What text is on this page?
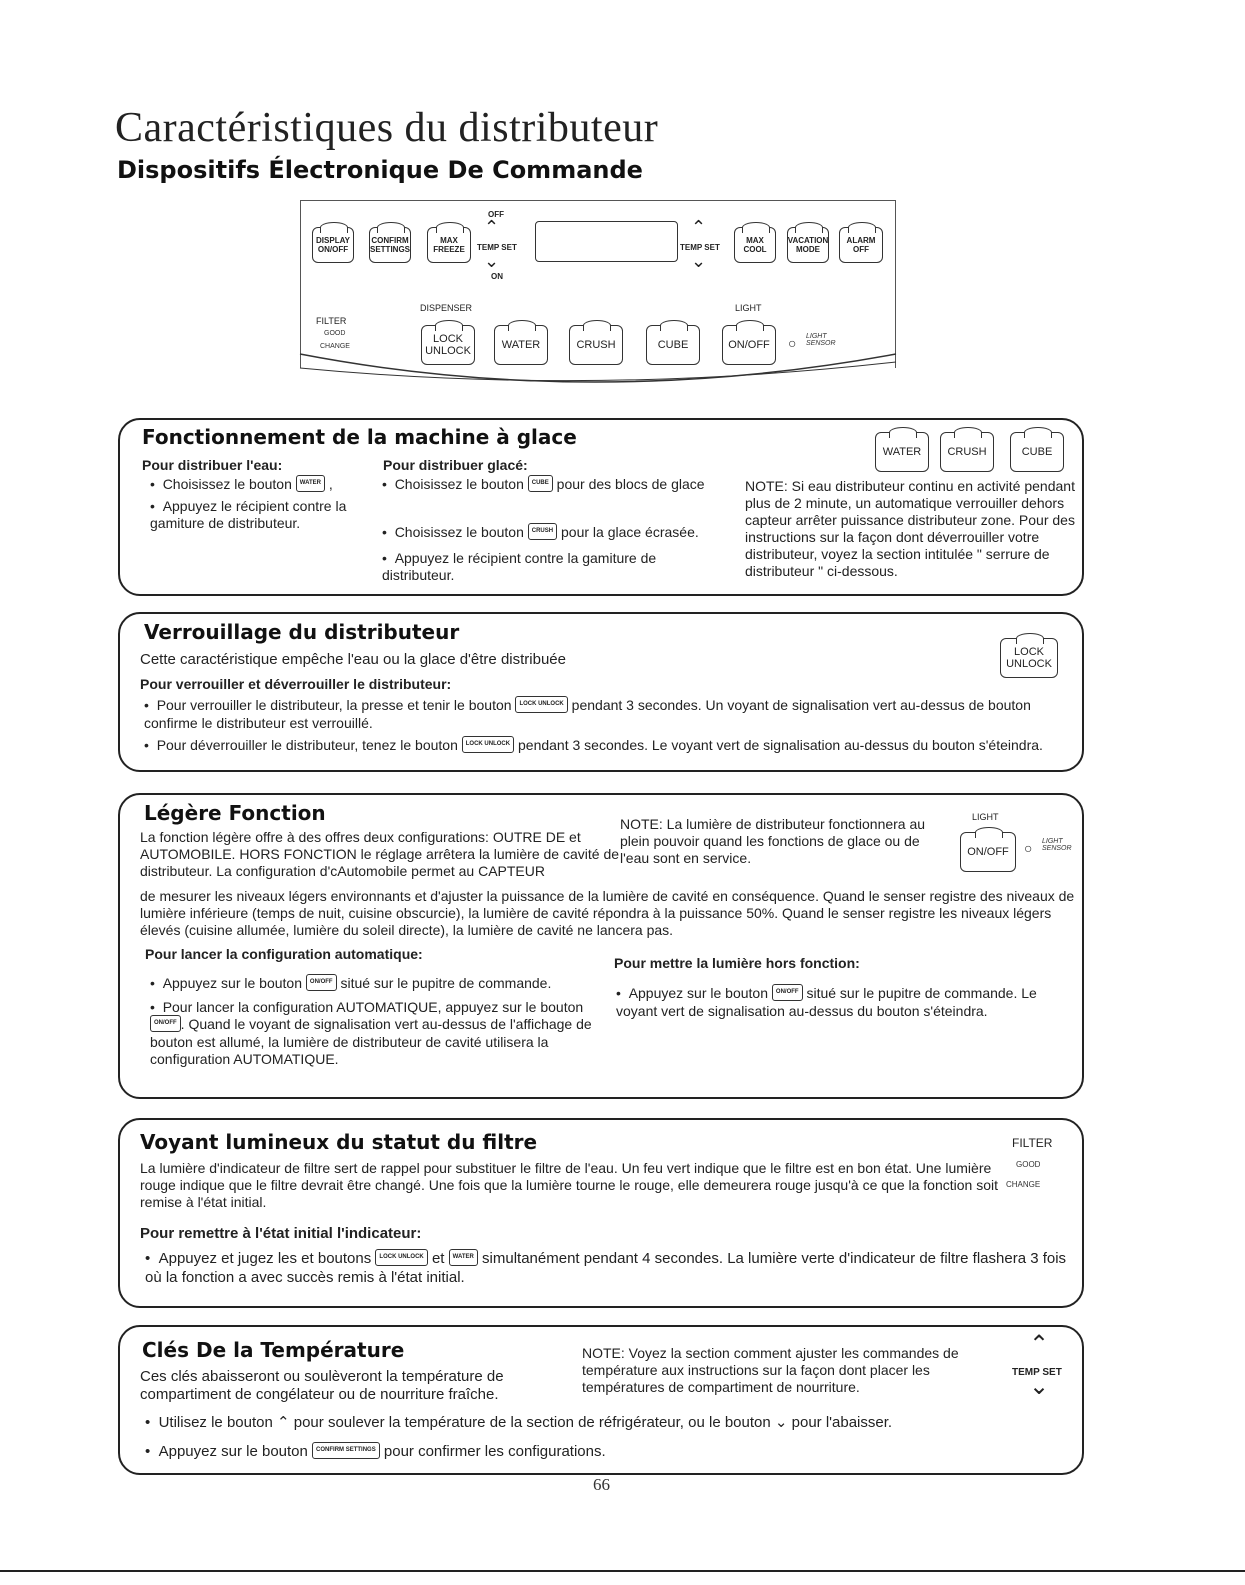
Caractéristiques du distributeur
Dispositifs Électronique De Commande
DISPLAY ON/OFF
CONFIRM SETTINGS
MAX FREEZE	TEMP SET
OFF
⌃
⌄
ON
TEMP SET
⌃
⌄
MAX COOL
VACATION MODE
ALARM OFF
FILTER
GOOD
CHANGE
DISPENSER	LIGHT
LOCK UNLOCK	WATER	CRUSH	CUBE	ON/OFF ○ LIGHT SENSOR
Fonctionnement de la machine à glace
WATER CRUSH	CUBE
Pour distribuer l'eau:
•  Choisissez le bouton WATER ,
•  Appuyez le récipient contre la gamiture de distributeur.
Pour distribuer glacé:
•  Choisissez le bouton CUBE pour des blocs de glace
•  Choisissez le bouton CRUSH pour la glace écrasée.
•  Appuyez le récipient contre la gamiture de distributeur.
NOTE: Si eau distributeur continu en activité pendant plus de 2 minute, un automatique verrouiller dehors capteur arrêter puissance distributeur zone. Pour des instructions sur la façon dont déverrouiller votre distributeur, voyez la section intitulée " serrure de distributeur " ci-dessous.
Verrouillage du distributeur
LOCK UNLOCK
Cette caractéristique empêche l'eau ou la glace d'être distribuée
Pour verrouiller et déverrouiller le distributeur:
•  Pour verrouiller le distributeur, la presse et tenir le bouton LOCK UNLOCK pendant 3 secondes. Un voyant de signalisation vert au-dessus de bouton confirme le distributeur est verrouillé.
•  Pour déverrouiller le distributeur, tenez le bouton LOCK UNLOCK pendant 3 secondes. Le voyant vert de signalisation au-dessus du bouton s'éteindra.
Légère Fonction
La fonction légère offre à des offres deux configurations: OUTRE DE et AUTOMOBILE. HORS FONCTION le réglage arrêtera la lumière de cavité de distributeur. La configuration d'cAutomobile permet au CAPTEUR
NOTE: La lumière de distributeur fonctionnera au plein pouvoir quand les fonctions de glace ou de l'eau sont en service.
LIGHT
ON/OFF ○ LIGHT SENSOR
de mesurer les niveaux légers environnants et d'ajuster la puissance de la lumière de cavité en conséquence. Quand le senser registre des niveaux de lumière inférieure (temps de nuit, cuisine obscurcie), la lumière de cavité répondra à la puissance 50%. Quand le senser registre les niveaux légers élevés (cuisine allumée, lumière du soleil directe), la lumière de cavité ne lancera pas.
Pour lancer la configuration automatique:
•  Appuyez sur le bouton ON/OFF situé sur le pupitre de commande.
•  Pour lancer la configuration AUTOMATIQUE, appuyez sur le bouton ON/OFF . Quand le voyant de signalisation vert au-dessus de l'affichage de bouton est allumé, la lumière de distributeur de cavité utilisera la configuration AUTOMATIQUE.
Pour mettre la lumière hors fonction:
•  Appuyez sur le bouton ON/OFF situé sur le pupitre de commande. Le voyant vert de signalisation au-dessus du bouton s'éteindra.
Voyant lumineux du statut du filtre	FILTER
GOOD
CHANGE
La lumière d'indicateur de filtre sert de rappel pour substituer le filtre de l'eau. Un feu vert indique que le filtre est en bon état. Une lumière rouge indique que le filtre devrait être changé. Une fois que la lumière tourne le rouge, elle demeurera rouge jusqu'à ce que la fonction soit remise à l'état initial.
Pour remettre à l'état initial l'indicateur:
•  Appuyez et jugez les et boutons LOCK UNLOCK et WATER simultanément pendant 4 secondes. La lumière verte d'indicateur de filtre flashera 3 fois où la fonction a avec succès remis à l'état initial.
Clés De la Température
Ces clés abaisseront ou soulèveront la température de compartiment de congélateur ou de nourriture fraîche.
NOTE: Voyez la section comment ajuster les commandes de température aux instructions sur la façon dont placer les températures de compartiment de nourriture.
⌃
TEMP SET
⌄
•  Utilisez le bouton ⌃ pour soulever la température de la section de réfrigérateur, ou le bouton ⌄ pour l'abaisser.
•  Appuyez sur le bouton CONFIRM SETTINGS pour confirmer les configurations.
66
